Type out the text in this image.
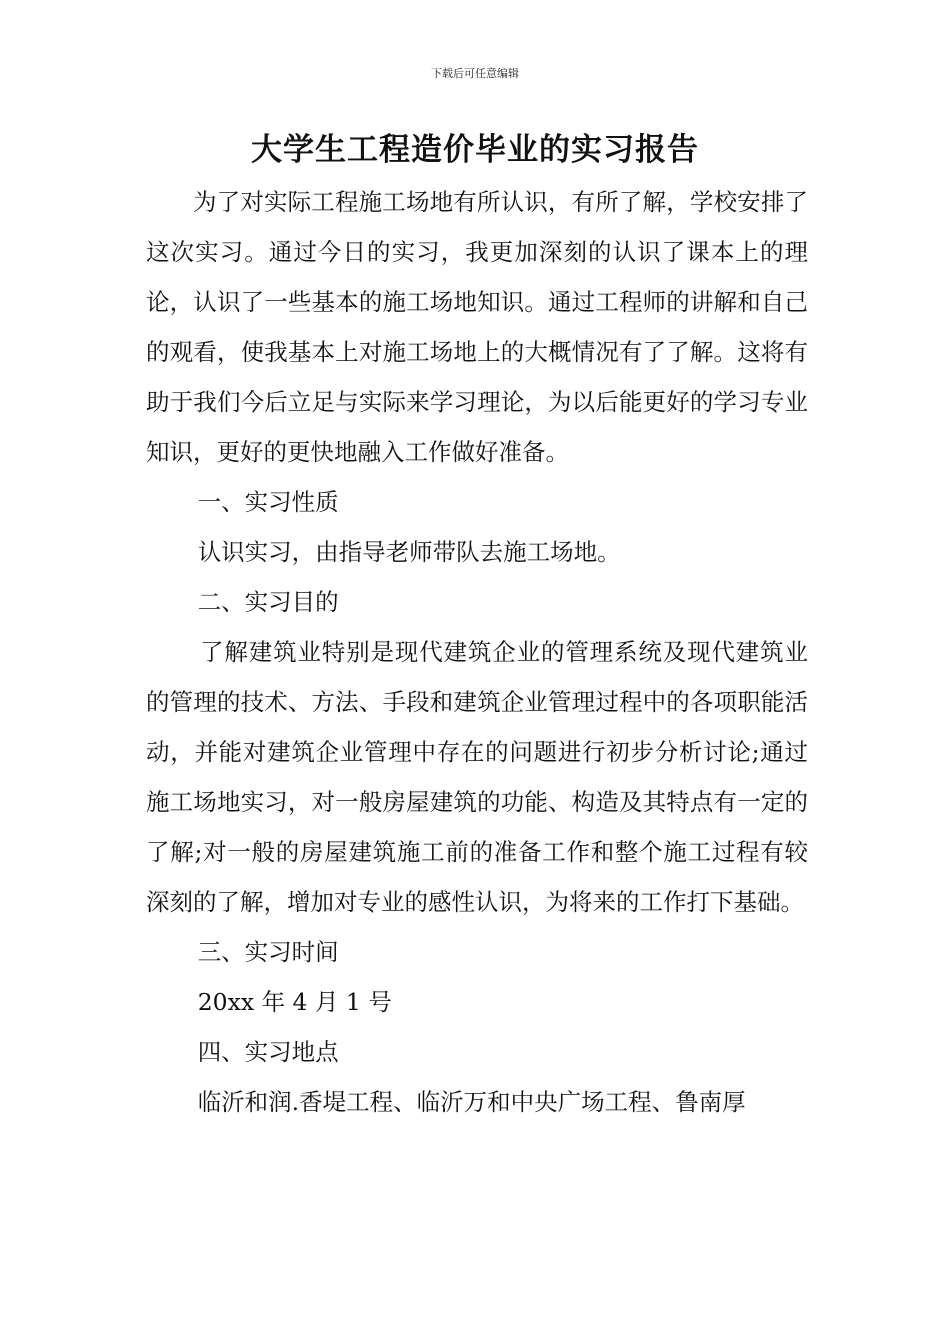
下载后可任意编辑
大学生工程造价毕业的实习报告

为了对实际工程施工场地有所认识，有所了解，学校安排了这次实习。通过今日的实习，我更加深刻的认识了课本上的理论，认识了一些基本的施工场地知识。通过工程师的讲解和自己的观看，使我基本上对施工场地上的大概情况有了了解。这将有助于我们今后立足与实际来学习理论，为以后能更好的学习专业知识，更好的更快地融入工作做好准备。

一、实习性质

认识实习，由指导老师带队去施工场地。

二、实习目的

了解建筑业特别是现代建筑企业的管理系统及现代建筑业的管理的技术、方法、手段和建筑企业管理过程中的各项职能活动，并能对建筑企业管理中存在的问题进行初步分析讨论;通过施工场地实习，对一般房屋建筑的功能、构造及其特点有一定的了解;对一般的房屋建筑施工前的准备工作和整个施工过程有较深刻的了解，增加对专业的感性认识，为将来的工作打下基础。

三、实习时间

20xx 年 4 月 1 号

四、实习地点

临沂和润.香堤工程、临沂万和中央广场工程、鲁南厚
